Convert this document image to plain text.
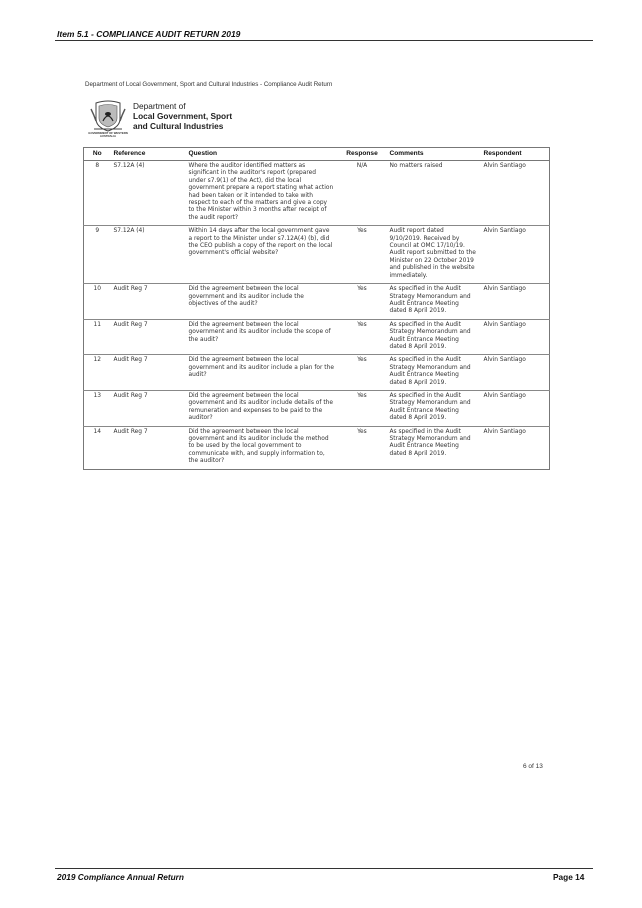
Item 5.1 - COMPLIANCE AUDIT RETURN 2019
Department of Local Government, Sport and Cultural Industries - Compliance Audit Return
GOVERNMENT OF WESTERN AUSTRALIA
Department of
Local Government, Sport
and Cultural Industries
No	Reference	Question	Response	Comments	Respondent
8	S7.12A (4)	Where the auditor identified matters as significant in the auditor's report (prepared under s7.9(1) of the Act), did the local government prepare a report stating what action had been taken or it intended to take with respect to each of the matters and give a copy to the Minister within 3 months after receipt of the audit report?	N/A	No matters raised	Alvin Santiago
9	S7.12A (4)	Within 14 days after the local government gave a report to the Minister under s7.12A(4) (b), did the CEO publish a copy of the report on the local government's official website?	Yes	Audit report dated 9/10/2019. Received by Council at OMC 17/10/19. Audit report submitted to the Minister on 22 October 2019 and published in the website immediately.	Alvin Santiago
10	Audit Reg 7	Did the agreement between the local government and its auditor include the objectives of the audit?	Yes	As specified in the Audit Strategy Memorandum and Audit Entrance Meeting dated 8 April 2019.	Alvin Santiago
11	Audit Reg 7	Did the agreement between the local government and its auditor include the scope of the audit?	Yes	As specified in the Audit Strategy Memorandum and Audit Entrance Meeting dated 8 April 2019.	Alvin Santiago
12	Audit Reg 7	Did the agreement between the local government and its auditor include a plan for the audit?	Yes	As specified in the Audit Strategy Memorandum and Audit Entrance Meeting dated 8 April 2019.	Alvin Santiago
13	Audit Reg 7	Did the agreement between the local government and its auditor include details of the remuneration and expenses to be paid to the auditor?	Yes	As specified in the Audit Strategy Memorandum and Audit Entrance Meeting dated 8 April 2019.	Alvin Santiago
14	Audit Reg 7	Did the agreement between the local government and its auditor include the method to be used by the local government to communicate with, and supply information to, the auditor?	Yes	As specified in the Audit Strategy Memorandum and Audit Entrance Meeting dated 8 April 2019.	Alvin Santiago
6 of 13
2019 Compliance Annual Return	Page 14
